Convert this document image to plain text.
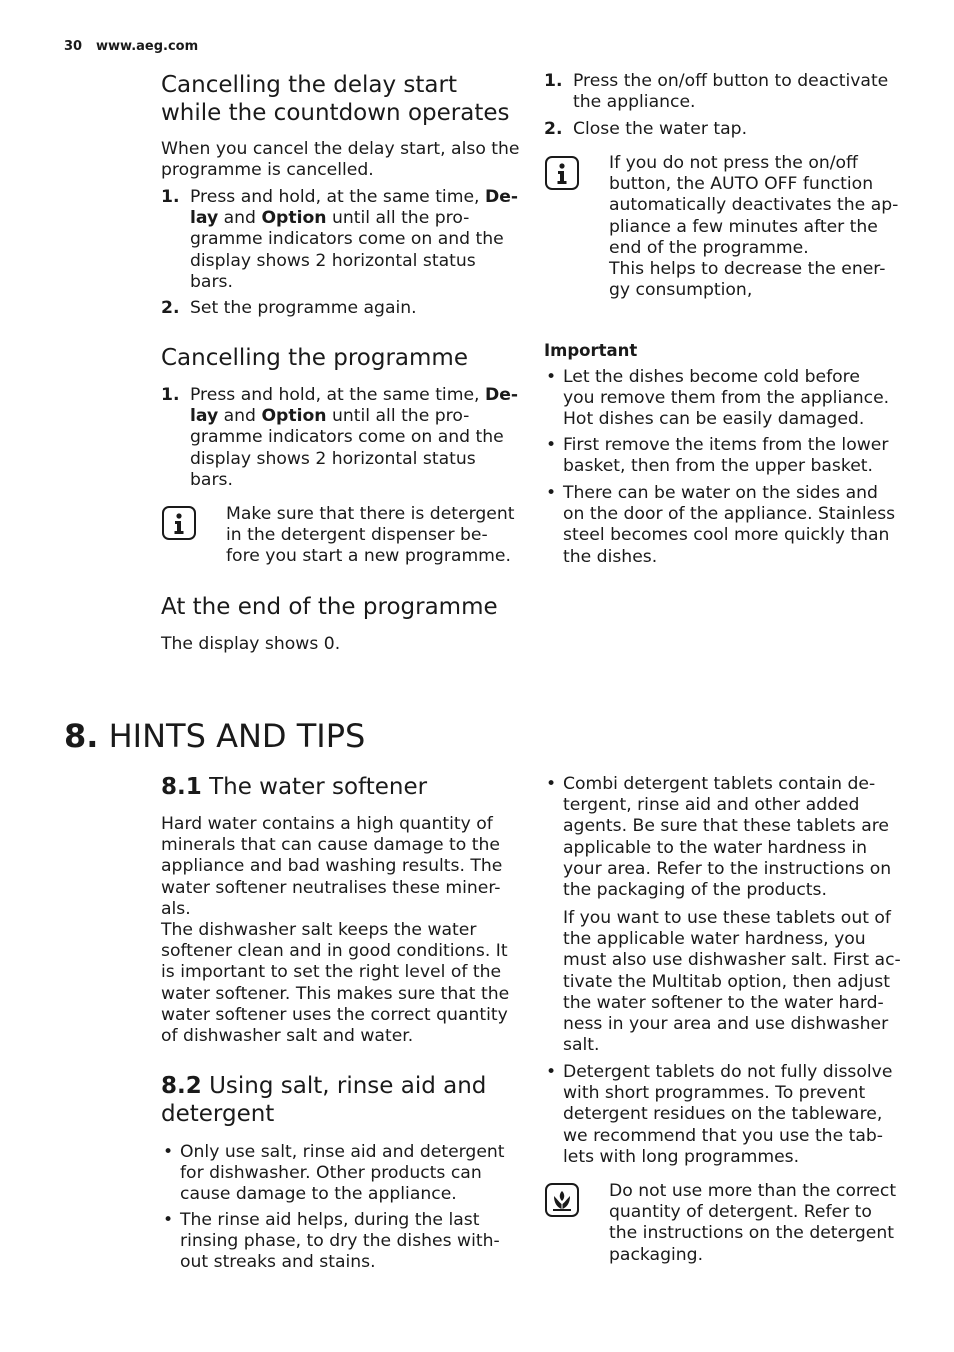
30 www.aeg.com
Cancelling the delay start
while the countdown operates
When you cancel the delay start, also the
programme is cancelled.
1. Press and hold, at the same time, De-
lay and Option until all the pro-
gramme indicators come on and the
display shows 2 horizontal status
bars.
2. Set the programme again.
Cancelling the programme
1. Press and hold, at the same time, De-
lay and Option until all the pro-
gramme indicators come on and the
display shows 2 horizontal status
bars.
Make sure that there is detergent
in the detergent dispenser be-
fore you start a new programme.
At the end of the programme
The display shows 0.
1. Press the on/off button to deactivate
the appliance.
2. Close the water tap.
If you do not press the on/off
button, the AUTO OFF function
automatically deactivates the ap-
pliance a few minutes after the
end of the programme.
This helps to decrease the ener-
gy consumption,
Important
• Let the dishes become cold before
you remove them from the appliance.
Hot dishes can be easily damaged.
• First remove the items from the lower
basket, then from the upper basket.
• There can be water on the sides and
on the door of the appliance. Stainless
steel becomes cool more quickly than
the dishes.
8. HINTS AND TIPS
8.1 The water softener
Hard water contains a high quantity of
minerals that can cause damage to the
appliance and bad washing results. The
water softener neutralises these miner-
als.
The dishwasher salt keeps the water
softener clean and in good conditions. It
is important to set the right level of the
water softener. This makes sure that the
water softener uses the correct quantity
of dishwasher salt and water.
8.2 Using salt, rinse aid and
detergent
• Only use salt, rinse aid and detergent
for dishwasher. Other products can
cause damage to the appliance.
• The rinse aid helps, during the last
rinsing phase, to dry the dishes with-
out streaks and stains.
• Combi detergent tablets contain de-
tergent, rinse aid and other added
agents. Be sure that these tablets are
applicable to the water hardness in
your area. Refer to the instructions on
the packaging of the products.
If you want to use these tablets out of
the applicable water hardness, you
must also use dishwasher salt. First ac-
tivate the Multitab option, then adjust
the water softener to the water hard-
ness in your area and use dishwasher
salt.
• Detergent tablets do not fully dissolve
with short programmes. To prevent
detergent residues on the tableware,
we recommend that you use the tab-
lets with long programmes.
Do not use more than the correct
quantity of detergent. Refer to
the instructions on the detergent
packaging.
